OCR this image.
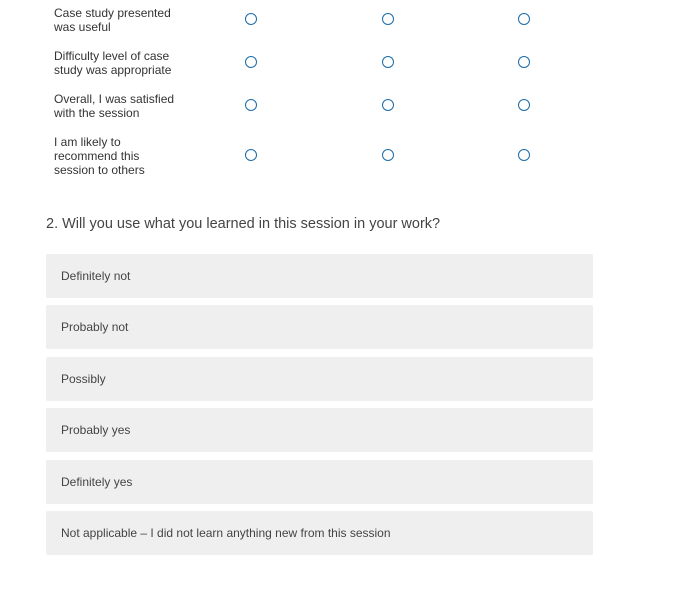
Case study presented
was useful
Difficulty level of case
study was appropriate
Overall, I was satisfied
with the session
I am likely to
recommend this
session to others
2. Will you use what you learned in this session in your work?
Definitely not
Probably not
Possibly
Probably yes
Definitely yes
Not applicable – I did not learn anything new from this session
